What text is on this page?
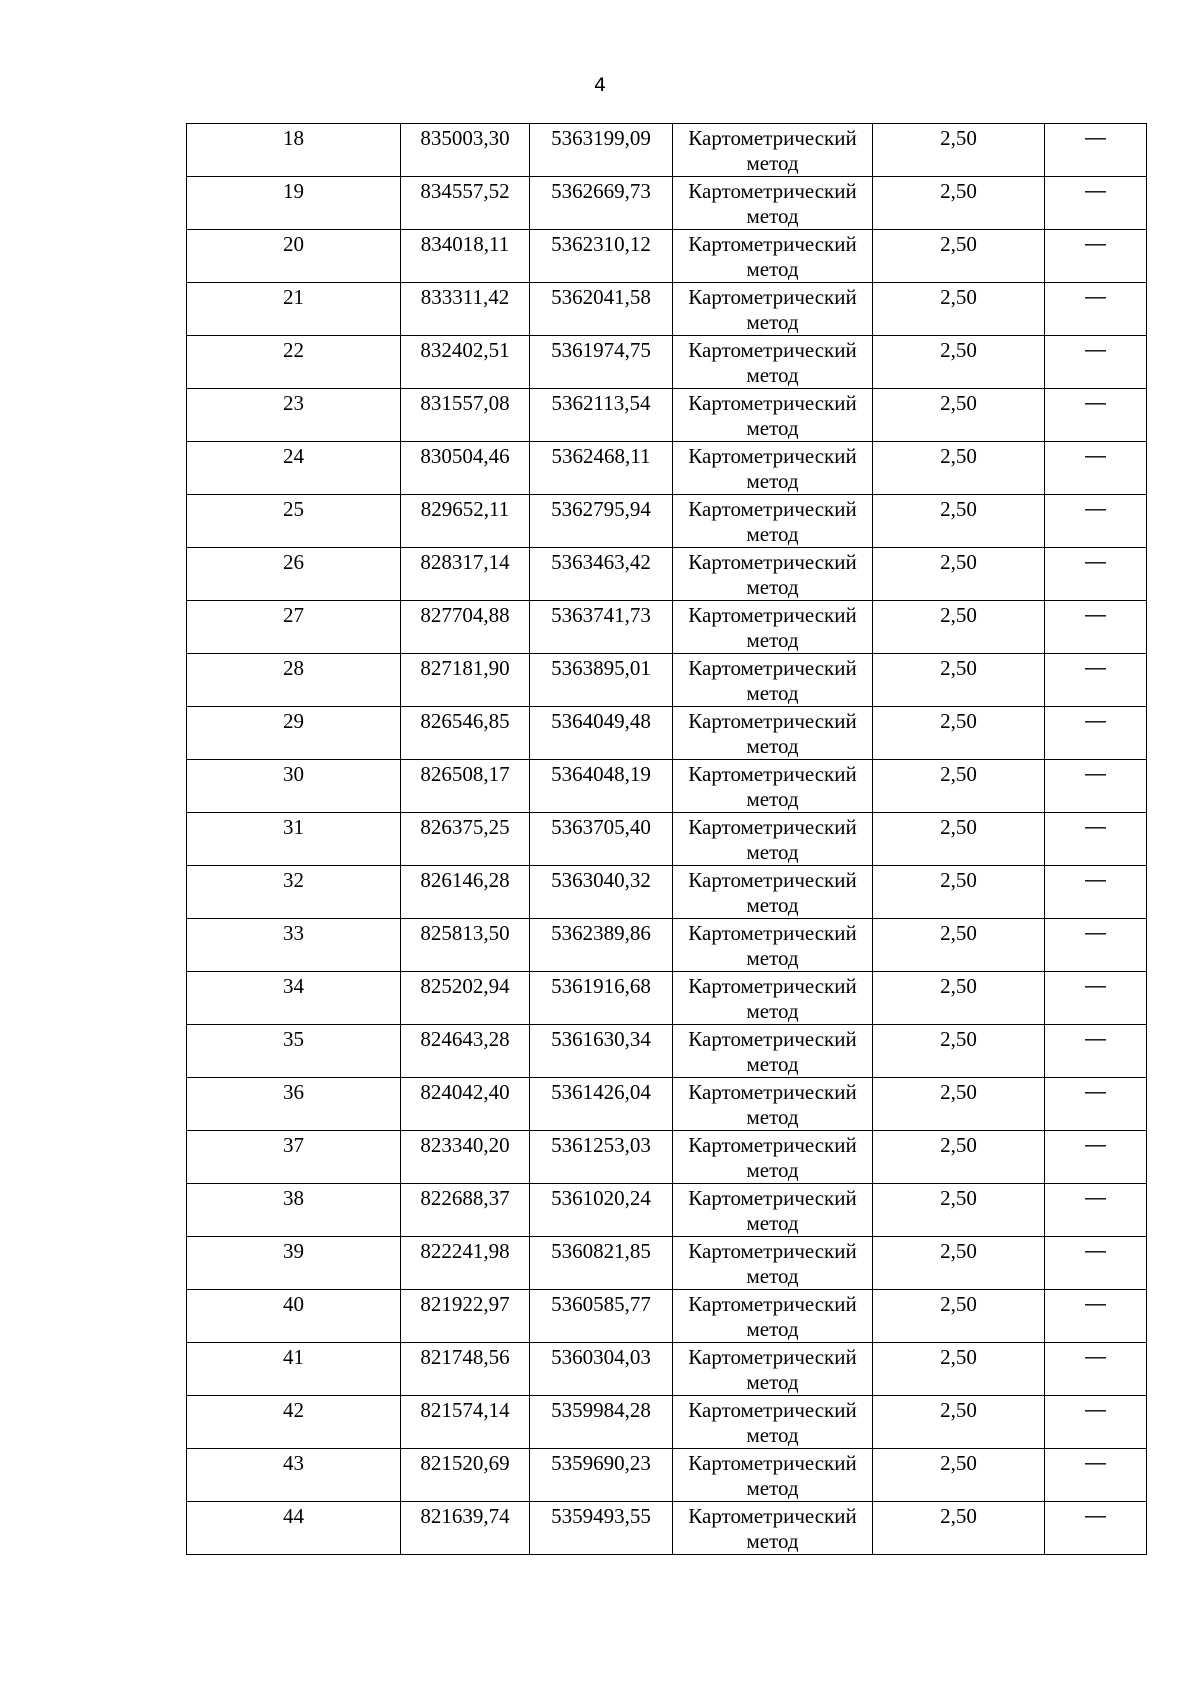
4
18	835003,30	5363199,09	Картометрический метод	2,50	—

19	834557,52	5362669,73	Картометрический метод	2,50	—

20	834018,11	5362310,12	Картометрический метод	2,50	—

21	833311,42	5362041,58	Картометрический метод	2,50	—

22	832402,51	5361974,75	Картометрический метод	2,50	—

23	831557,08	5362113,54	Картометрический метод	2,50	—

24	830504,46	5362468,11	Картометрический метод	2,50	—

25	829652,11	5362795,94	Картометрический метод	2,50	—

26	828317,14	5363463,42	Картометрический метод	2,50	—

27	827704,88	5363741,73	Картометрический метод	2,50	—

28	827181,90	5363895,01	Картометрический метод	2,50	—

29	826546,85	5364049,48	Картометрический метод	2,50	—

30	826508,17	5364048,19	Картометрический метод	2,50	—

31	826375,25	5363705,40	Картометрический метод	2,50	—

32	826146,28	5363040,32	Картометрический метод	2,50	—

33	825813,50	5362389,86	Картометрический метод	2,50	—

34	825202,94	5361916,68	Картометрический метод	2,50	—

35	824643,28	5361630,34	Картометрический метод	2,50	—

36	824042,40	5361426,04	Картометрический метод	2,50	—

37	823340,20	5361253,03	Картометрический метод	2,50	—

38	822688,37	5361020,24	Картометрический метод	2,50	—

39	822241,98	5360821,85	Картометрический метод	2,50	—

40	821922,97	5360585,77	Картометрический метод	2,50	—

41	821748,56	5360304,03	Картометрический метод	2,50	—

42	821574,14	5359984,28	Картометрический метод	2,50	—

43	821520,69	5359690,23	Картометрический метод	2,50	—

44	821639,74	5359493,55	Картометрический метод	2,50	—
